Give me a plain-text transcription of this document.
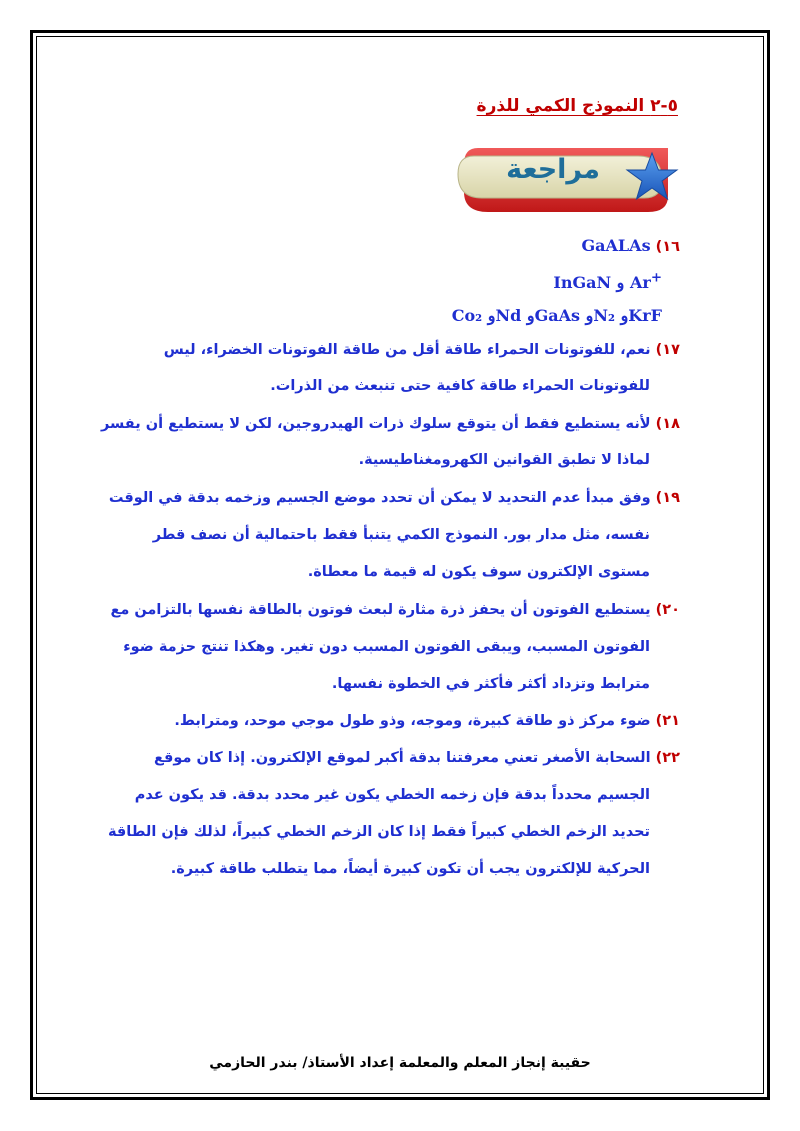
٥-٢ النموذج الكمي للذرة
مراجعة
١٦) GaALAs
InGaN و Ar+
Co₂ وNd وGaAs وN₂ وKrF
١٧) نعم، للفوتونات الحمراء طاقة أقل من طاقة الفوتونات الخضراء، ليس
للفوتونات الحمراء طاقة كافية حتى تنبعث من الذرات.
١٨) لأنه يستطيع فقط أن يتوقع سلوك ذرات الهيدروجين، لكن لا يستطيع أن يفسر
لماذا لا تطبق القوانين الكهرومغناطيسية.
١٩) وفق مبدأ عدم التحديد لا يمكن أن تحدد موضع الجسيم وزخمه بدقة في الوقت
نفسه، مثل مدار بور. النموذج الكمي يتنبأ فقط باحتمالية أن نصف قطر
مستوى الإلكترون سوف يكون له قيمة ما معطاة.
٢٠) يستطيع الفوتون أن يحفز ذرة مثارة لبعث فوتون بالطاقة نفسها بالتزامن مع
الفوتون المسبب، ويبقى الفوتون المسبب دون تغير. وهكذا تنتج حزمة ضوء
مترابط وتزداد أكثر فأكثر في الخطوة نفسها.
٢١) ضوء مركز ذو طاقة كبيرة، وموجه، وذو طول موجي موحد، ومترابط.
٢٢) السحابة الأصغر تعني معرفتنا بدقة أكبر لموقع الإلكترون. إذا كان موقع
الجسيم محدداً بدقة فإن زخمه الخطي يكون غير محدد بدقة. قد يكون عدم
تحديد الزخم الخطي كبيراً فقط إذا كان الزخم الخطي كبيراً، لذلك فإن الطاقة
الحركية للإلكترون يجب أن تكون كبيرة أيضاً، مما يتطلب طاقة كبيرة.
حقيبة إنجاز المعلم والمعلمة إعداد الأستاذ/ بندر الحازمي
